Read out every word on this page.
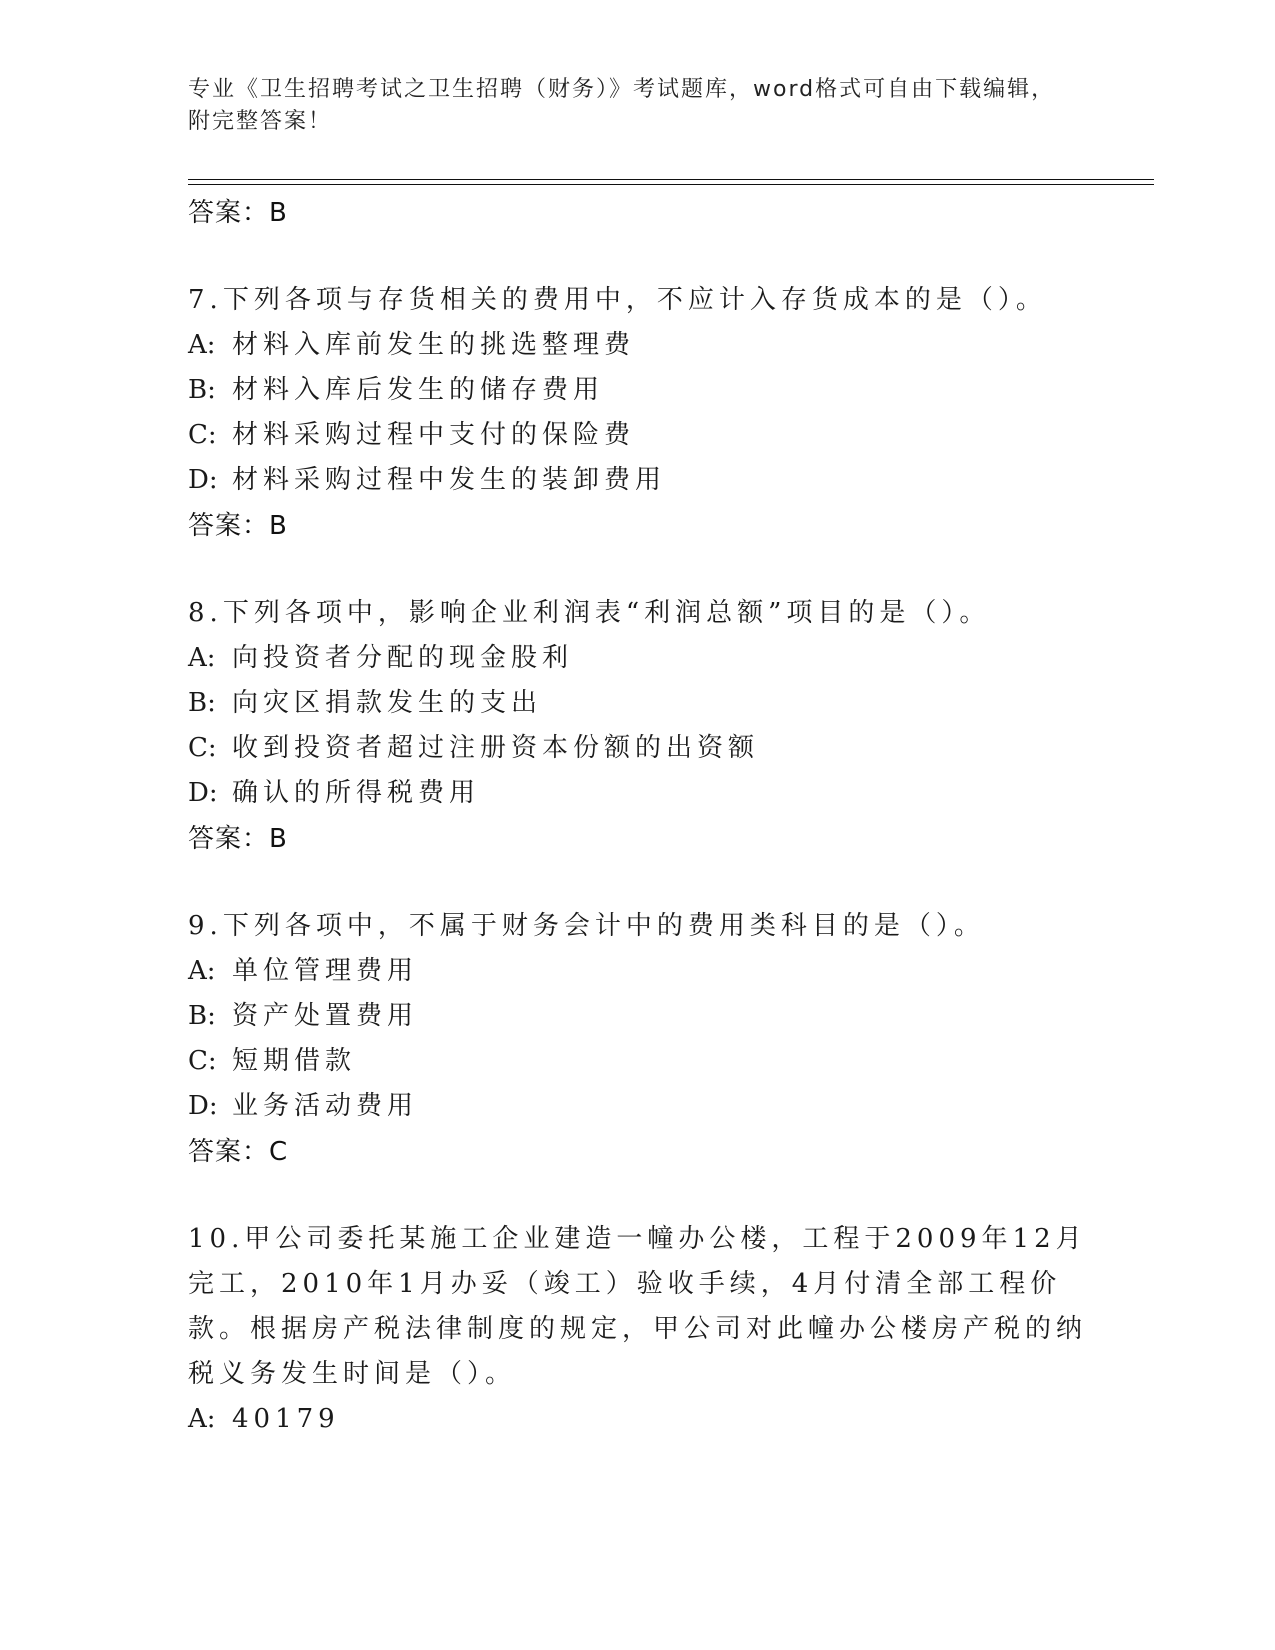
专业《卫生招聘考试之卫生招聘（财务）》考试题库，word格式可自由下载编辑，附完整答案！
答案：B
7.下列各项与存货相关的费用中，不应计入存货成本的是（）。
A: 材料入库前发生的挑选整理费
B: 材料入库后发生的储存费用
C: 材料采购过程中支付的保险费
D: 材料采购过程中发生的装卸费用
答案：B
8.下列各项中，影响企业利润表“利润总额”项目的是（）。
A: 向投资者分配的现金股利
B: 向灾区捐款发生的支出
C: 收到投资者超过注册资本份额的出资额
D: 确认的所得税费用
答案：B
9.下列各项中，不属于财务会计中的费用类科目的是（）。
A: 单位管理费用
B: 资产处置费用
C: 短期借款
D: 业务活动费用
答案：C
10.甲公司委托某施工企业建造一幢办公楼，工程于2009年12月完工，2010年1月办妥（竣工）验收手续，4月付清全部工程价款。根据房产税法律制度的规定，甲公司对此幢办公楼房产税的纳税义务发生时间是（）。
A: 40179
